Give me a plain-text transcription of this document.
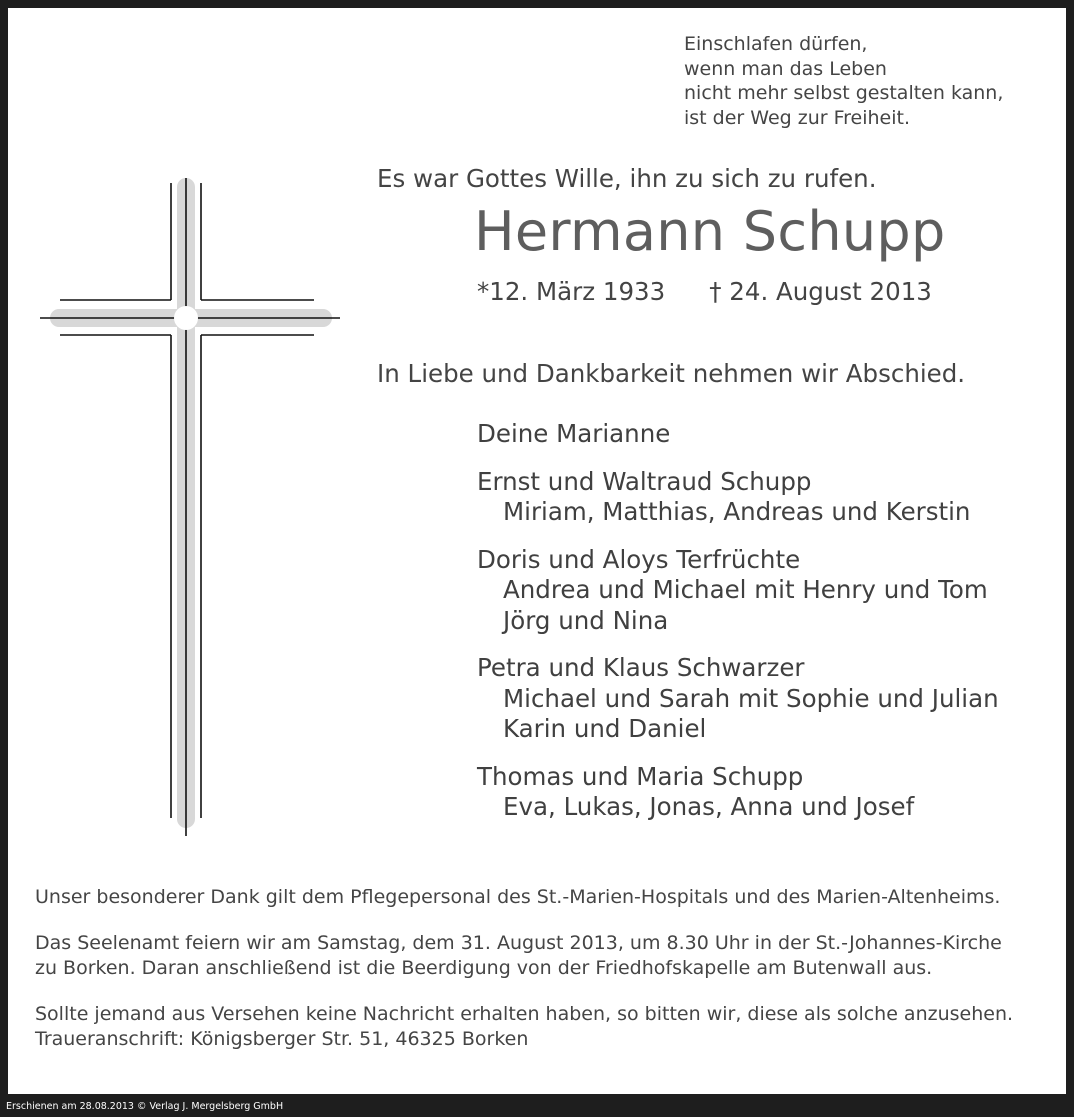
Einschlafen dürfen,
wenn man das Leben
nicht mehr selbst gestalten kann,
ist der Weg zur Freiheit.
Es war Gottes Wille, ihn zu sich zu rufen.
Hermann Schupp
*12. März 1933 † 24. August 2013
In Liebe und Dankbarkeit nehmen wir Abschied.
Deine Marianne
Ernst und Waltraud Schupp
Miriam, Matthias, Andreas und Kerstin
Doris und Aloys Terfrüchte
Andrea und Michael mit Henry und Tom
Jörg und Nina
Petra und Klaus Schwarzer
Michael und Sarah mit Sophie und Julian
Karin und Daniel
Thomas und Maria Schupp
Eva, Lukas, Jonas, Anna und Josef

Unser besonderer Dank gilt dem Pflegepersonal des St.-Marien-Hospitals und des Marien-Altenheims.

Das Seelenamt feiern wir am Samstag, dem 31. August 2013, um 8.30 Uhr in der St.-Johannes-Kirche
zu Borken. Daran anschließend ist die Beerdigung von der Friedhofskapelle am Butenwall aus.

Sollte jemand aus Versehen keine Nachricht erhalten haben, so bitten wir, diese als solche anzusehen.
Traueranschrift: Königsberger Str. 51, 46325 Borken

Erschienen am 28.08.2013 © Verlag J. Mergelsberg GmbH
